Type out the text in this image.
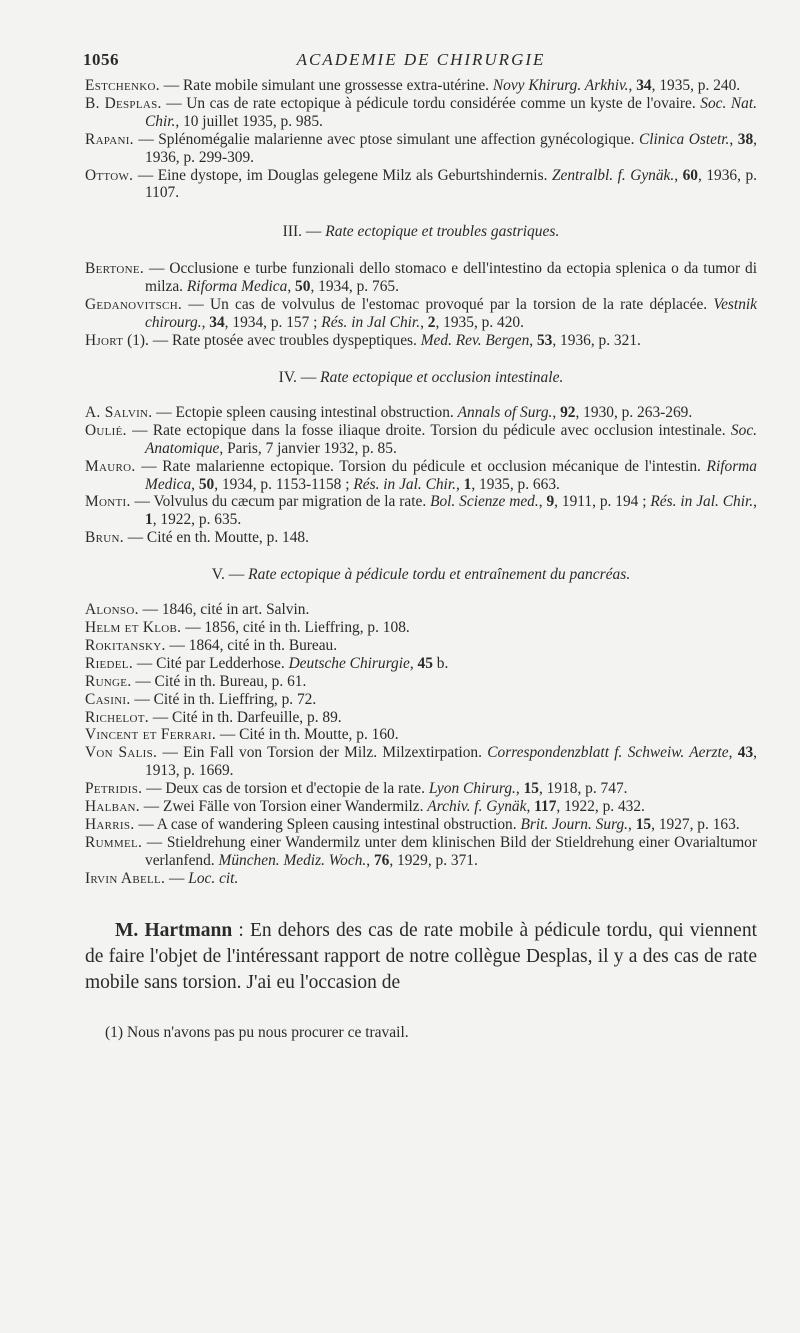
1056	ACADEMIE DE CHIRURGIE

Estchenko. — Rate mobile simulant une grossesse extra-utérine. Novy Khirurg. Arkhiv., 34, 1935, p. 240.

B. Desplas. — Un cas de rate ectopique à pédicule tordu considérée comme un kyste de l'ovaire. Soc. Nat. Chir., 10 juillet 1935, p. 985.

Rapani. — Splénomégalie malarienne avec ptose simulant une affection gynécologique. Clinica Ostetr., 38, 1936, p. 299-309.

Ottow. — Eine dystope, im Douglas gelegene Milz als Geburtshindernis. Zentralbl. f. Gynäk., 60, 1936, p. 1107.

III. — Rate ectopique et troubles gastriques.

Bertone. — Occlusione e turbe funzionali dello stomaco e dell'intestino da ectopia splenica o da tumor di milza. Riforma Medica, 50, 1934, p. 765.

Gedanovitsch. — Un cas de volvulus de l'estomac provoqué par la torsion de la rate déplacée. Vestnik chirourg., 34, 1934, p. 157 ; Rés. in Jal Chir., 2, 1935, p. 420.

Hjort (1). — Rate ptosée avec troubles dyspeptiques. Med. Rev. Bergen, 53, 1936, p. 321.

IV. — Rate ectopique et occlusion intestinale.

A. Salvin. — Ectopie spleen causing intestinal obstruction. Annals of Surg., 92, 1930, p. 263-269.

Oulié. — Rate ectopique dans la fosse iliaque droite. Torsion du pédicule avec occlusion intestinale. Soc. Anatomique, Paris, 7 janvier 1932, p. 85.

Mauro. — Rate malarienne ectopique. Torsion du pédicule et occlusion mécanique de l'intestin. Riforma Medica, 50, 1934, p. 1153-1158 ; Rés. in Jal. Chir., 1, 1935, p. 663.

Monti. — Volvulus du cæcum par migration de la rate. Bol. Scienze med., 9, 1911, p. 194 ; Rés. in Jal. Chir., 1, 1922, p. 635.

Brun. — Cité en th. Moutte, p. 148.

V. — Rate ectopique à pédicule tordu et entraînement du pancréas.

Alonso. — 1846, cité in art. Salvin.

Helm et Klob. — 1856, cité in th. Lieffring, p. 108.

Rokitansky. — 1864, cité in th. Bureau.

Riedel. — Cité par Ledderhose. Deutsche Chirurgie, 45 b.

Runge. — Cité in th. Bureau, p. 61.

Casini. — Cité in th. Lieffring, p. 72.

Richelot. — Cité in th. Darfeuille, p. 89.

Vincent et Ferrari. — Cité in th. Moutte, p. 160.

Von Salis. — Ein Fall von Torsion der Milz. Milzextirpation. Correspondenzblatt f. Schweiw. Aerzte, 43, 1913, p. 1669.

Petridis. — Deux cas de torsion et d'ectopie de la rate. Lyon Chirurg., 15, 1918, p. 747.

Halban. — Zwei Fälle von Torsion einer Wandermilz. Archiv. f. Gynäk, 117, 1922, p. 432.

Harris. — A case of wandering Spleen causing intestinal obstruction. Brit. Journ. Surg., 15, 1927, p. 163.

Rummel. — Stieldrehung einer Wandermilz unter dem klinischen Bild der Stieldrehung einer Ovarialtumor verlanfend. München. Mediz. Woch., 76, 1929, p. 371.

Irvin Abell. — Loc. cit.

M. Hartmann : En dehors des cas de rate mobile à pédicule tordu, qui viennent de faire l'objet de l'intéressant rapport de notre collègue Desplas, il y a des cas de rate mobile sans torsion. J'ai eu l'occasion de

(1) Nous n'avons pas pu nous procurer ce travail.
